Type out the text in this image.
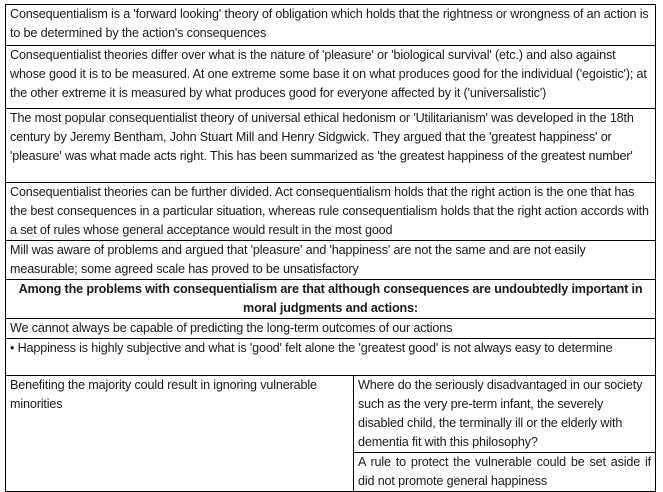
Consequentialism is a 'forward looking' theory of obligation which holds that the rightness or wrongness of an action is to be determined by the action's consequences
Consequentialist theories differ over what is the nature of 'pleasure' or 'biological survival' (etc.) and also against whose good it is to be measured. At one extreme some base it on what produces good for the individual ('egoistic'); at the other extreme it is measured by what produces good for everyone affected by it ('universalistic')
The most popular consequentialist theory of universal ethical hedonism or 'Utilitarianism' was developed in the 18th century by Jeremy Bentham, John Stuart Mill and Henry Sidgwick. They argued that the 'greatest happiness' or 'pleasure' was what made acts right. This has been summarized as 'the greatest happiness of the greatest number'
Consequentialist theories can be further divided. Act consequentialism holds that the right action is the one that has the best consequences in a particular situation, whereas rule consequentialism holds that the right action accords with a set of rules whose general acceptance would result in the most good
Mill was aware of problems and argued that 'pleasure' and 'happiness' are not the same and are not easily measurable; some agreed scale has proved to be unsatisfactory
Among the problems with consequentialism are that although consequences are undoubtedly important in moral judgments and actions:
We cannot always be capable of predicting the long-term outcomes of our actions
• Happiness is highly subjective and what is 'good' felt alone the 'greatest good' is not always easy to determine
Benefiting the majority could result in ignoring vulnerable minorities	Where do the seriously disadvantaged in our society such as the very pre-term infant, the severely disabled child, the terminally ill or the elderly with dementia fit with this philosophy?
A rule to protect the vulnerable could be set aside if did not promote general happiness
